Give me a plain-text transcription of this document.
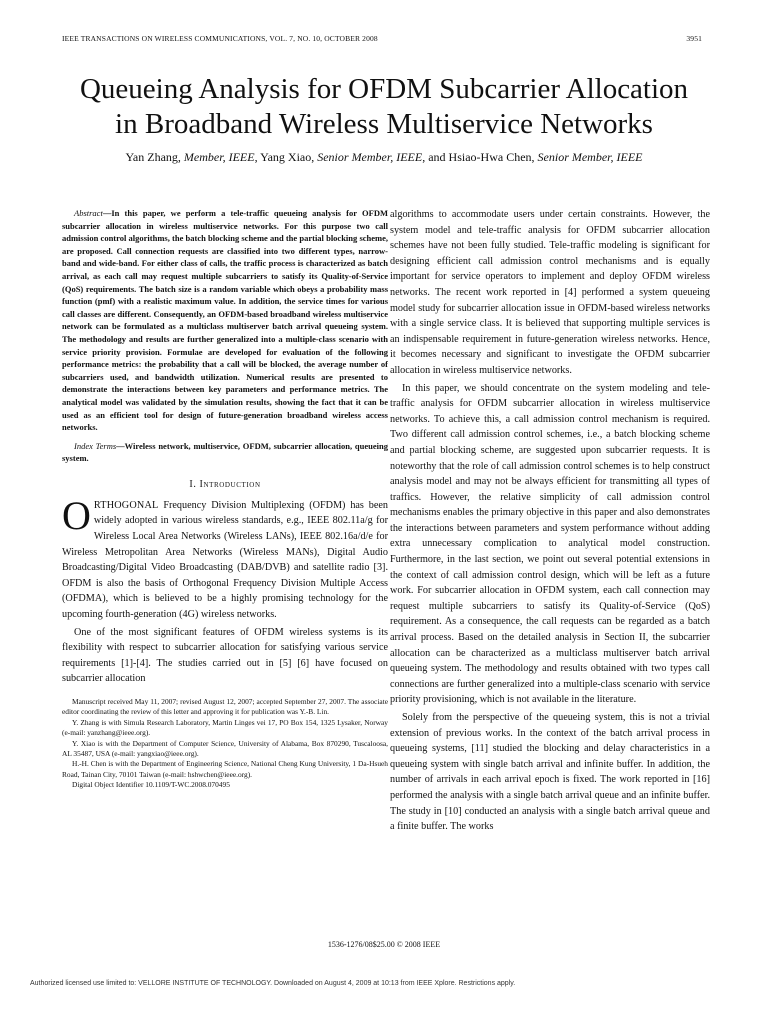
IEEE TRANSACTIONS ON WIRELESS COMMUNICATIONS, VOL. 7, NO. 10, OCTOBER 2008	3951
Queueing Analysis for OFDM Subcarrier Allocation
in Broadband Wireless Multiservice Networks
Yan Zhang, Member, IEEE, Yang Xiao, Senior Member, IEEE, and Hsiao-Hwa Chen, Senior Member, IEEE

Abstract—In this paper, we perform a tele-traffic queueing analysis for OFDM subcarrier allocation in wireless multiservice networks. For this purpose two call admission control algorithms, the batch blocking scheme and the partial blocking scheme, are proposed. Call connection requests are classified into two different types, narrow-band and wide-band. For either class of calls, the traffic process is characterized as batch arrival, as each call may request multiple subcarriers to satisfy its Quality-of-Service (QoS) requirements. The batch size is a random variable which obeys a probability mass function (pmf) with a realistic maximum value. In addition, the service times for various call classes are different. Consequently, an OFDM-based broadband wireless multiservice network can be formulated as a multiclass multiserver batch arrival queueing system. The methodology and results are further generalized into a multiple-class scenario with service priority provision. Formulae are developed for evaluation of the following performance metrics: the probability that a call will be blocked, the average number of subcarriers used, and bandwidth utilization. Numerical results are presented to demonstrate the interactions between key parameters and performance metrics. The analytical model was validated by the simulation results, showing the fact that it can be used as an efficient tool for design of future-generation broadband wireless access networks.

Index Terms—Wireless network, multiservice, OFDM, subcarrier allocation, queueing system.

I. Introduction

ORTHOGONAL Frequency Division Multiplexing (OFDM) has been widely adopted in various wireless standards, e.g., IEEE 802.11a/g for Wireless Local Area Networks (Wireless LANs), IEEE 802.16a/d/e for Wireless Metropolitan Area Networks (Wireless MANs), Digital Audio Broadcasting/Digital Video Broadcasting (DAB/DVB) and satellite radio [3]. OFDM is also the basis of Orthogonal Frequency Division Multiple Access (OFDMA), which is believed to be a highly promising technology for the upcoming fourth-generation (4G) wireless networks.

One of the most significant features of OFDM wireless systems is its flexibility with respect to subcarrier allocation for satisfying various service requirements [1]-[4]. The studies carried out in [5] [6] have focused on subcarrier allocation

Manuscript received May 11, 2007; revised August 12, 2007; accepted September 27, 2007. The associate editor coordinating the review of this letter and approving it for publication was Y.-B. Lin.

Y. Zhang is with Simula Research Laboratory, Martin Linges vei 17, PO Box 154, 1325 Lysaker, Norway (e-mail: yanzhang@ieee.org).

Y. Xiao is with the Department of Computer Science, University of Alabama, Box 870290, Tuscaloosa, AL 35487, USA (e-mail: yangxiao@ieee.org).

H.-H. Chen is with the Department of Engineering Science, National Cheng Kung University, 1 Da-Hsueh Road, Tainan City, 70101 Taiwan (e-mail: hshwchen@ieee.org).

Digital Object Identifier 10.1109/T-WC.2008.070495

algorithms to accommodate users under certain constraints. However, the system model and tele-traffic analysis for OFDM subcarrier allocation schemes have not been fully studied. Tele-traffic modeling is significant for designing efficient call admission control mechanisms and is equally important for service operators to implement and deploy OFDM wireless networks. The recent work reported in [4] performed a system queueing model study for subcarrier allocation issue in OFDM-based wireless networks with a single service class. It is believed that supporting multiple services is an indispensable requirement in future-generation wireless networks. Hence, it becomes necessary and significant to investigate the OFDM subcarrier allocation in wireless multiservice networks.

In this paper, we should concentrate on the system modeling and tele-traffic analysis for OFDM subcarrier allocation in wireless multiservice networks. To achieve this, a call admission control mechanism is required. Two different call admission control schemes, i.e., a batch blocking scheme and partial blocking scheme, are suggested upon subcarrier requests. It is noteworthy that the role of call admission control schemes is to help construct analysis model and may not be always efficient for transmitting all types of traffics. However, the relative simplicity of call admission control mechanisms enables the primary objective in this paper and also demonstrates the interactions between parameters and system performance without adding extra unnecessary complication to analytical model construction. Furthermore, in the last section, we point out several potential extensions in the context of call admission control design, which will be left as a future work. For subcarrier allocation in OFDM system, each call connection may request multiple subcarriers to satisfy its Quality-of-Service (QoS) requirement. As a consequence, the call requests can be regarded as a batch arrival process. Based on the detailed analysis in Section II, the subcarrier allocation can be characterized as a multiclass multiserver batch arrival queueing system. The methodology and results obtained with two types call connections are further generalized into a multiple-class scenario with service priority provisioning, which is not available in the literature.

Solely from the perspective of the queueing system, this is not a trivial extension of previous works. In the context of the batch arrival process in queueing systems, [11] studied the blocking and delay characteristics in a queueing system with single batch arrival and infinite buffer. In addition, the number of arrivals in each arrival epoch is fixed. The work reported in [16] performed the analysis with a single batch arrival queue and an infinite buffer. The study in [10] conducted an analysis with a single batch arrival queue and a finite buffer. The works

1536-1276/08$25.00 © 2008 IEEE
Authorized licensed use limited to: VELLORE INSTITUTE OF TECHNOLOGY. Downloaded on August 4, 2009 at 10:13 from IEEE Xplore. Restrictions apply.
